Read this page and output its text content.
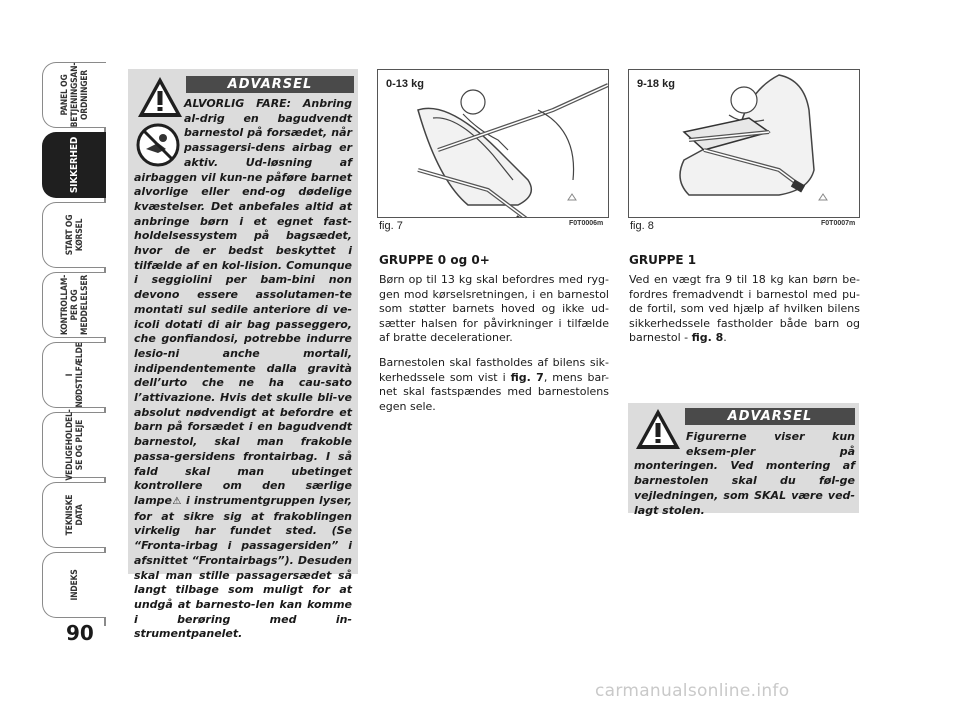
PANEL OG
BETJENINGSAN-
ORDNINGER
SIKKERHED
START OG
KØRSEL
KONTROLLAM-
PER OG
MEDDELELSER
I
NØDSTILFÆLDE
VEDLIGEHOLDEL-
SE OG PLEJE
TEKNISKE
DATA
INDEKS
90
ADVARSEL
ALVORLIG FARE: Anbring al-drig en bagudvendt barnestol på forsædet, når passagersi-dens airbag er aktiv. Ud-løsning af airbaggen vil kun-ne påføre barnet alvorlige eller end-og dødelige kvæstelser. Det anbefales altid at anbringe børn i et egnet fast-holdelsessystem på bagsædet, hvor de er bedst beskyttet i tilfælde af en kol-lision. Comunque i seggiolini per bam-bini non devono essere assolutamen-te montati sul sedile anteriore di ve-icoli dotati di air bag passeggero, che gonfiandosi, potrebbe indurre lesio-ni anche mortali, indipendentemente dalla gravità dell’urto che ne ha cau-sato l’attivazione. Hvis det skulle bli-ve absolut nødvendigt at befordre et barn på forsædet i en bagudvendt barnestol, skal man frakoble passa-gersidens frontairbag. I så fald skal man ubetinget kontrollere om den særlige lampe⚠ i instrumentgruppen lyser, for at sikre sig at frakoblingen virkelig har fundet sted. (Se “Fronta-irbag i passagersiden” i afsnittet “Frontairbags”). Desuden skal man stille passagersædet så langt tilbage som muligt for at undgå at barnesto-len kan komme i berøring med in-strumentpanelet.
0-13 kg
fig. 7	F0T0006m
9-18 kg
fig. 8	F0T0007m
GRUPPE 0 og 0+
Børn op til 13 kg skal befordres med ryg-gen mod kørselsretningen, i en barnestol som støtter barnets hoved og ikke ud-sætter halsen for påvirkninger i tilfælde af bratte decelerationer.
Barnestolen skal fastholdes af bilens sik-kerhedssele som vist i fig. 7, mens bar-net skal fastspændes med barnestolens egen sele.
GRUPPE 1
Ved en vægt fra 9 til 18 kg kan børn be-fordres fremadvendt i barnestol med pu-de fortil, som ved hjælp af hvilken bilens sikkerhedssele fastholder både barn og barnestol - fig. 8.
ADVARSEL
Figurerne viser kun eksem-pler på monteringen. Ved montering af barnestolen skal du føl-ge vejledningen, som SKAL være ved-lagt stolen.
carmanualsonline.info
